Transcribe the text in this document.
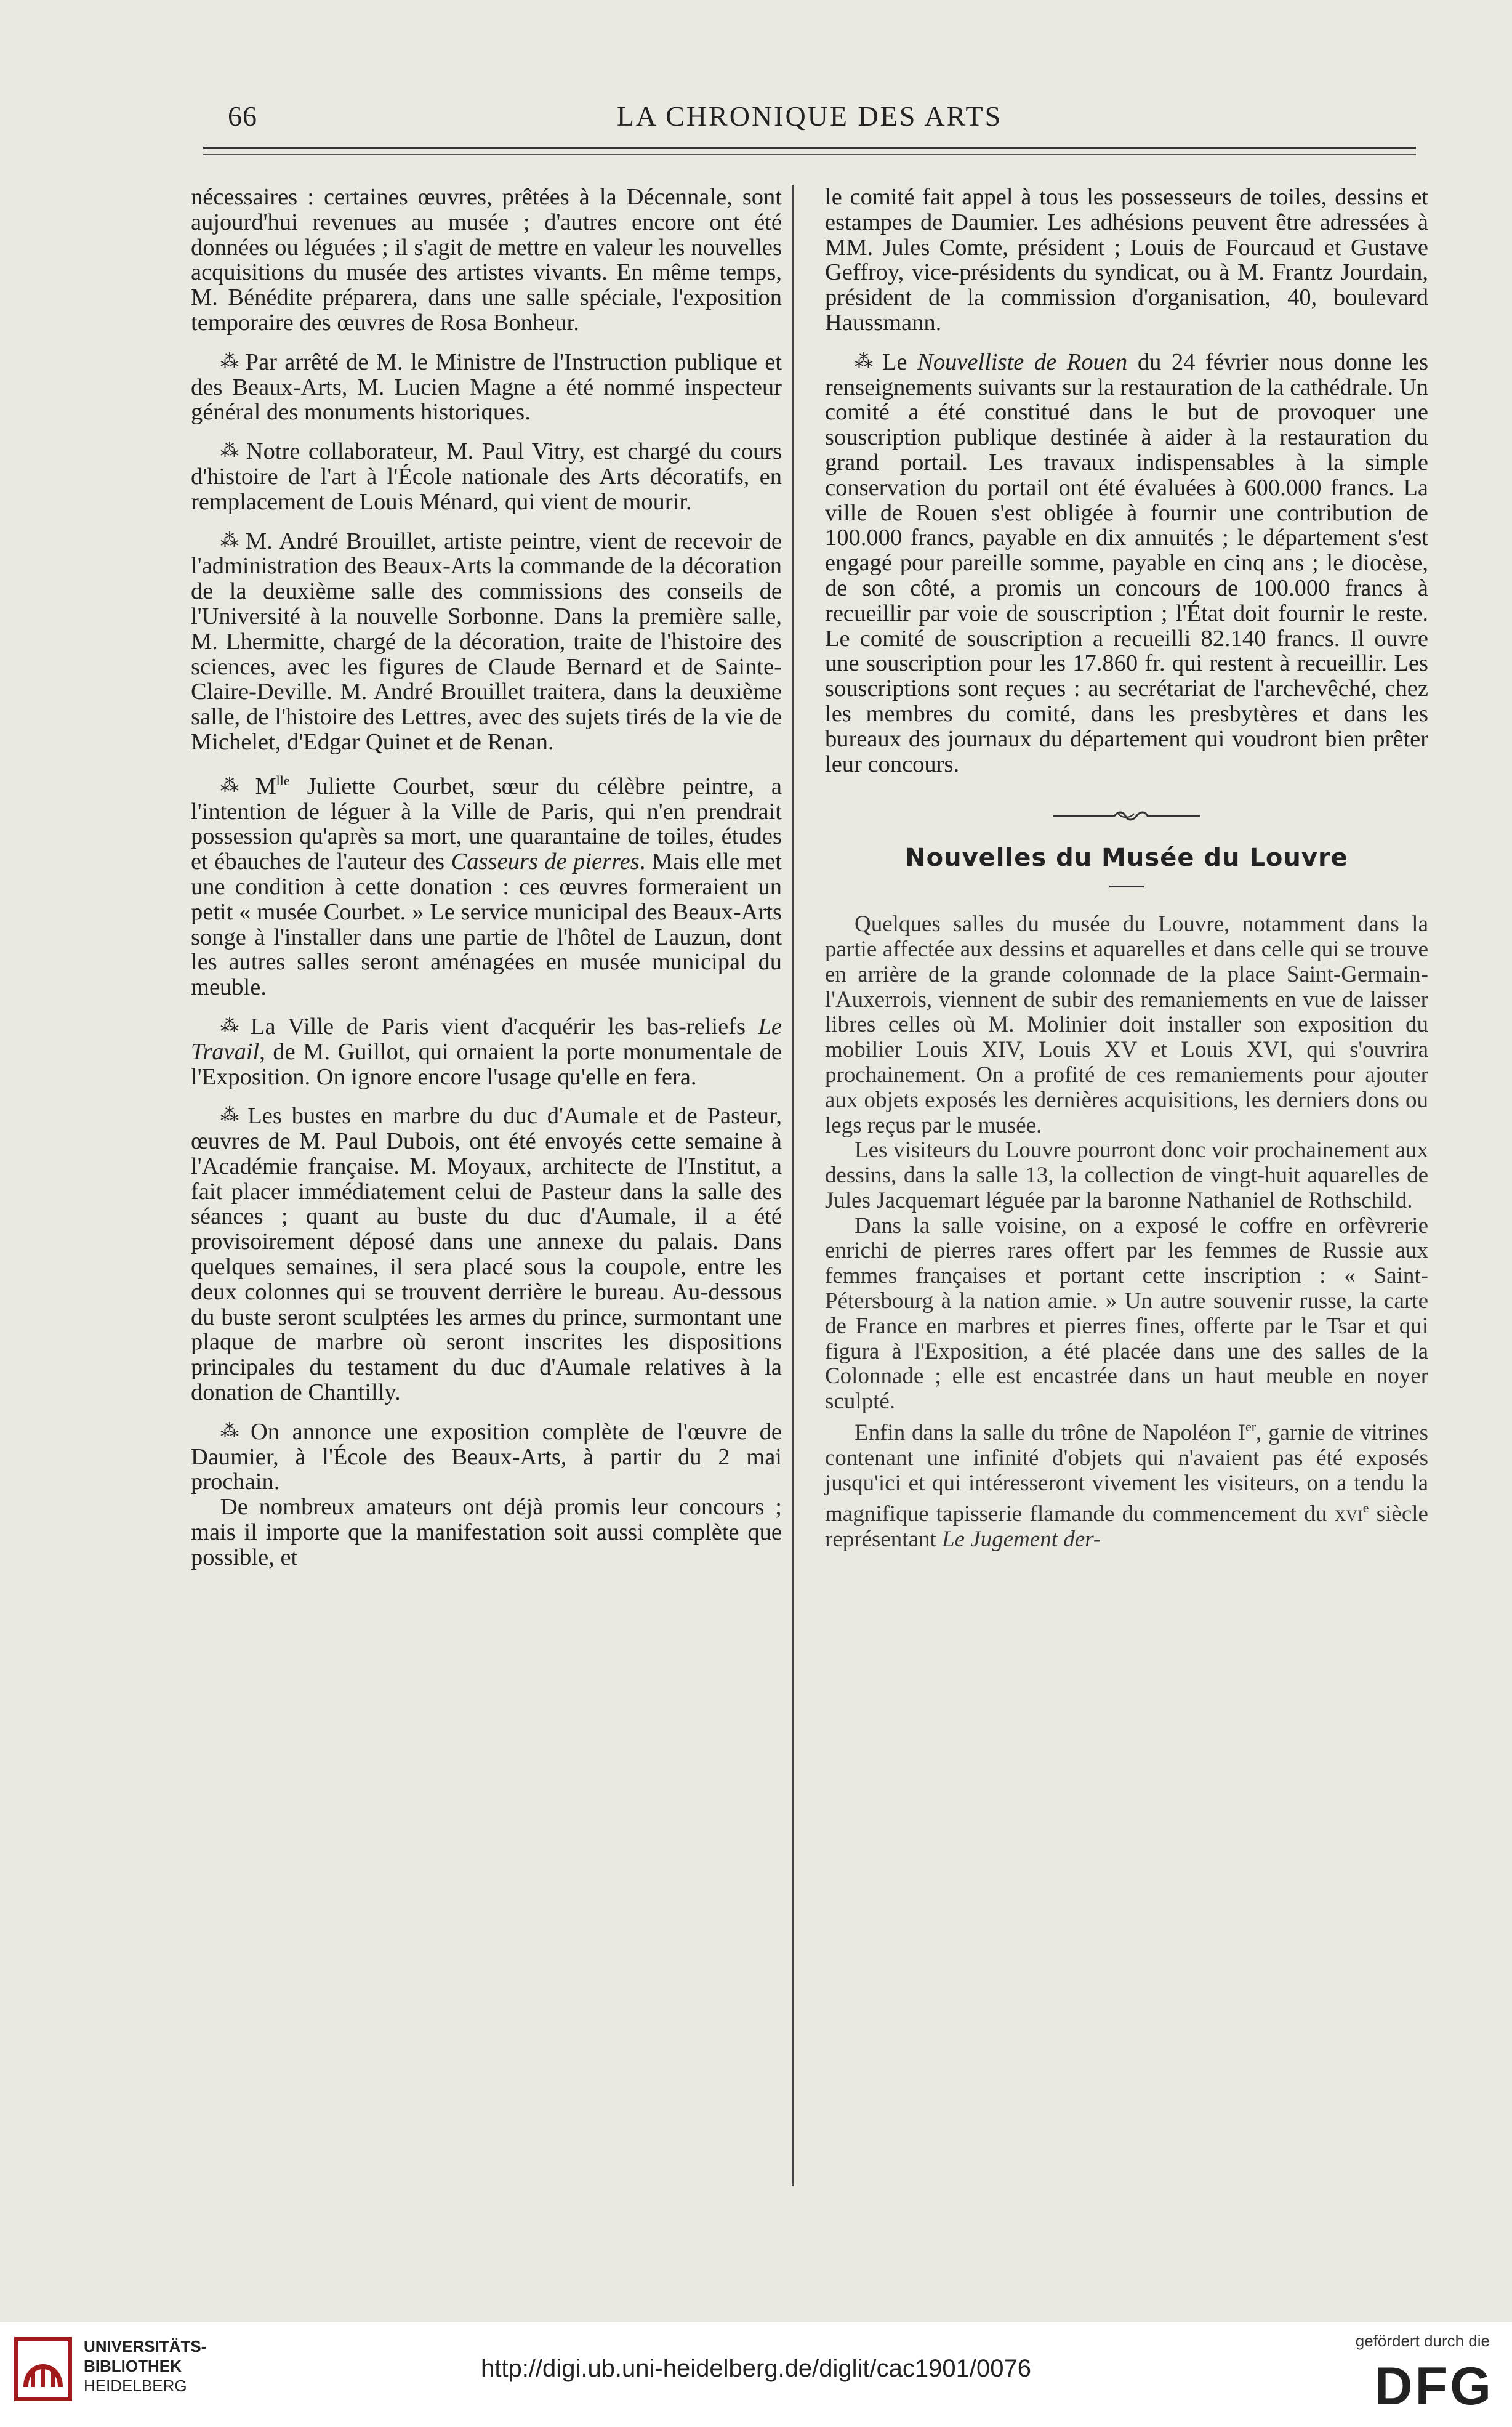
66	LA CHRONIQUE DES ARTS

nécessaires : certaines œuvres, prêtées à la Décennale, sont aujourd'hui revenues au musée ; d'autres encore ont été données ou léguées ; il s'agit de mettre en valeur les nouvelles acquisitions du musée des artistes vivants. En même temps, M. Bénédite préparera, dans une salle spéciale, l'exposition temporaire des œuvres de Rosa Bonheur.

⁂ Par arrêté de M. le Ministre de l'Instruction publique et des Beaux-Arts, M. Lucien Magne a été nommé inspecteur général des monuments historiques.

⁂ Notre collaborateur, M. Paul Vitry, est chargé du cours d'histoire de l'art à l'École nationale des Arts décoratifs, en remplacement de Louis Ménard, qui vient de mourir.

⁂ M. André Brouillet, artiste peintre, vient de recevoir de l'administration des Beaux-Arts la commande de la décoration de la deuxième salle des commissions des conseils de l'Université à la nouvelle Sorbonne. Dans la première salle, M. Lhermitte, chargé de la décoration, traite de l'histoire des sciences, avec les figures de Claude Bernard et de Sainte-Claire-Deville. M. André Brouillet traitera, dans la deuxième salle, de l'histoire des Lettres, avec des sujets tirés de la vie de Michelet, d'Edgar Quinet et de Renan.

⁂ $M^{lle}$ Juliette Courbet, sœur du célèbre peintre, a l'intention de léguer à la Ville de Paris, qui n'en prendrait possession qu'après sa mort, une quarantaine de toiles, études et ébauches de l'auteur des Casseurs de pierres. Mais elle met une condition à cette donation : ces œuvres formeraient un petit « musée Courbet. » Le service municipal des Beaux-Arts songe à l'installer dans une partie de l'hôtel de Lauzun, dont les autres salles seront aménagées en musée municipal du meuble.

⁂ La Ville de Paris vient d'acquérir les bas-reliefs Le Travail, de M. Guillot, qui ornaient la porte monumentale de l'Exposition. On ignore encore l'usage qu'elle en fera.

⁂ Les bustes en marbre du duc d'Aumale et de Pasteur, œuvres de M. Paul Dubois, ont été envoyés cette semaine à l'Académie française. M. Moyaux, architecte de l'Institut, a fait placer immédiatement celui de Pasteur dans la salle des séances ; quant au buste du duc d'Aumale, il a été provisoirement déposé dans une annexe du palais. Dans quelques semaines, il sera placé sous la coupole, entre les deux colonnes qui se trouvent derrière le bureau. Au-dessous du buste seront sculptées les armes du prince, surmontant une plaque de marbre où seront inscrites les dispositions principales du testament du duc d'Aumale relatives à la donation de Chantilly.

⁂ On annonce une exposition complète de l'œuvre de Daumier, à l'École des Beaux-Arts, à partir du 2 mai prochain.

De nombreux amateurs ont déjà promis leur concours ; mais il importe que la manifestation soit aussi complète que possible, et

le comité fait appel à tous les possesseurs de toiles, dessins et estampes de Daumier. Les adhésions peuvent être adressées à MM. Jules Comte, président ; Louis de Fourcaud et Gustave Geffroy, vice-présidents du syndicat, ou à M. Frantz Jourdain, président de la commission d'organisation, 40, boulevard Haussmann.

⁂ Le Nouvelliste de Rouen du 24 février nous donne les renseignements suivants sur la restauration de la cathédrale. Un comité a été constitué dans le but de provoquer une souscription publique destinée à aider à la restauration du grand portail. Les travaux indispensables à la simple conservation du portail ont été évaluées à 600.000 francs. La ville de Rouen s'est obligée à fournir une contribution de 100.000 francs, payable en dix annuités ; le département s'est engagé pour pareille somme, payable en cinq ans ; le diocèse, de son côté, a promis un concours de 100.000 francs à recueillir par voie de souscription ; l'État doit fournir le reste. Le comité de souscription a recueilli 82.140 francs. Il ouvre une souscription pour les 17.860 fr. qui restent à recueillir. Les souscriptions sont reçues : au secrétariat de l'archevêché, chez les membres du comité, dans les presbytères et dans les bureaux des journaux du département qui voudront bien prêter leur concours.

Nouvelles du Musée du Louvre

Quelques salles du musée du Louvre, notamment dans la partie affectée aux dessins et aquarelles et dans celle qui se trouve en arrière de la grande colonnade de la place Saint-Germain-l'Auxerrois, viennent de subir des remaniements en vue de laisser libres celles où M. Molinier doit installer son exposition du mobilier Louis XIV, Louis XV et Louis XVI, qui s'ouvrira prochainement. On a profité de ces remaniements pour ajouter aux objets exposés les dernières acquisitions, les derniers dons ou legs reçus par le musée.

Les visiteurs du Louvre pourront donc voir prochainement aux dessins, dans la salle 13, la collection de vingt-huit aquarelles de Jules Jacquemart léguée par la baronne Nathaniel de Rothschild.

Dans la salle voisine, on a exposé le coffre en orfèvrerie enrichi de pierres rares offert par les femmes de Russie aux femmes françaises et portant cette inscription : « Saint-Pétersbourg à la nation amie. » Un autre souvenir russe, la carte de France en marbres et pierres fines, offerte par le Tsar et qui figura à l'Exposition, a été placée dans une des salles de la Colonnade ; elle est encastrée dans un haut meuble en noyer sculpté.

Enfin dans la salle du trône de Napoléon Ier, garnie de vitrines contenant une infinité d'objets qui n'avaient pas été exposés jusqu'ici et qui intéresseront vivement les visiteurs, on a tendu la magnifique tapisserie flamande du commencement du xvi$^e$ siècle représentant Le Jugement der-

UNIVERSITÄTS-
BIBLIOTHEK
HEIDELBERG
http://digi.ub.uni-heidelberg.de/diglit/cac1901/0076
gefördert durch die
DFG
